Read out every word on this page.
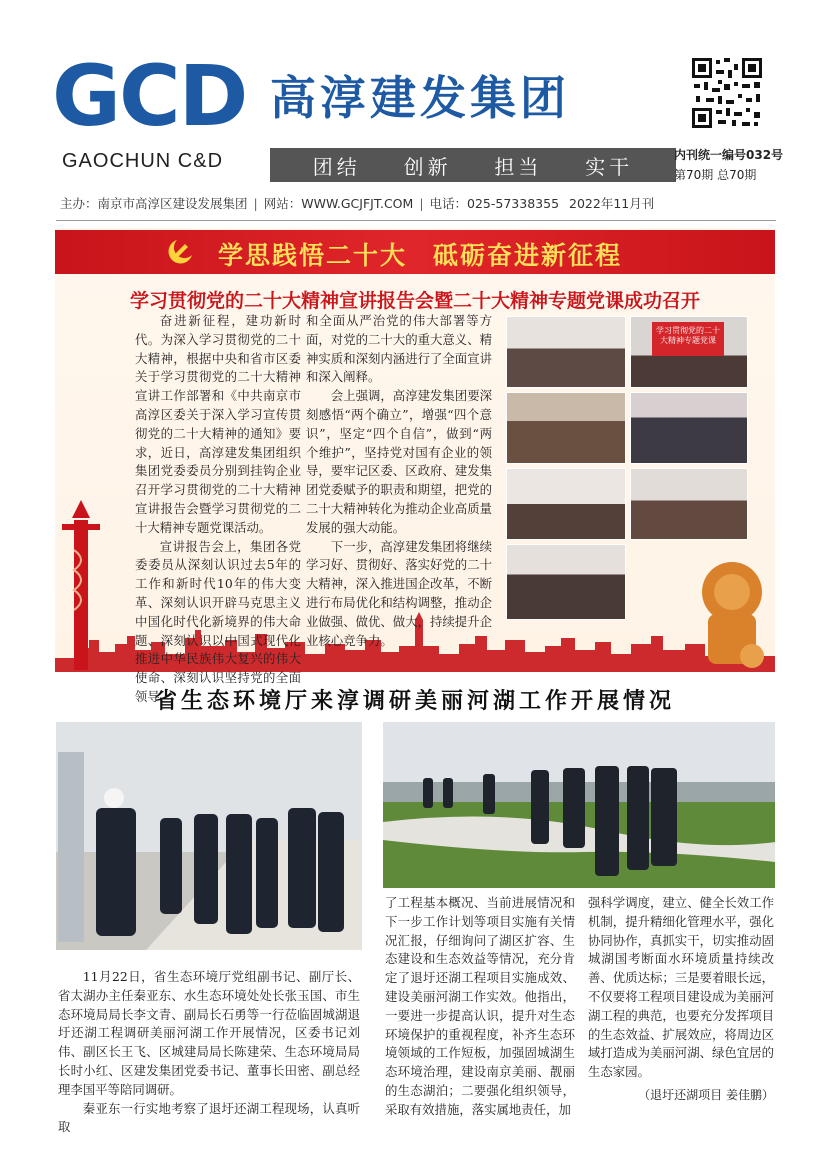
GCD
GAOCHUN C&D
高淳建发集团
团结 创新 担当 实干	内刊统一编号032号
第70期 总70期
主办：南京市高淳区建设发展集团 | 网站：WWW.GCJFJT.COM | 电话：025-57338355 2022年11月刊
学思践悟二十大 砥砺奋进新征程
学习贯彻党的二十大精神宣讲报告会暨二十大精神专题党课成功召开

奋进新征程，建功新时代。为深入学习贯彻党的二十大精神，根据中央和省市区委关于学习贯彻党的二十大精神宣讲工作部署和《中共南京市高淳区委关于深入学习宣传贯彻党的二十大精神的通知》要求，近日，高淳建发集团组织集团党委委员分别到挂钩企业召开学习贯彻党的二十大精神宣讲报告会暨学习贯彻党的二十大精神专题党课活动。

宣讲报告会上，集团各党委委员从深刻认识过去5年的工作和新时代10年的伟大变革、深刻认识开辟马克思主义中国化时代化新境界的伟大命题、深刻认识以中国式现代化推进中华民族伟大复兴的伟大使命、深刻认识坚持党的全面领导

和全面从严治党的伟大部署等方面，对党的二十大的重大意义、精神实质和深刻内涵进行了全面宣讲和深入阐释。

会上强调，高淳建发集团要深刻感悟“两个确立”，增强“四个意识”，坚定“四个自信”，做到“两个维护”，坚持党对国有企业的领导，要牢记区委、区政府、建发集团党委赋予的职责和期望，把党的二十大精神转化为推动企业高质量发展的强大动能。

下一步，高淳建发集团将继续学习好、贯彻好、落实好党的二十大精神，深入推进国企改革，不断进行布局优化和结构调整，推动企业做强、做优、做大，持续提升企业核心竞争力。

学习贯彻党的二十大精神专题党课
省生态环境厅来淳调研美丽河湖工作开展情况

11月22日，省生态环境厅党组副书记、副厅长、省太湖办主任秦亚东、水生态环境处处长张玉国、市生态环境局局长李文青、副局长石勇等一行莅临固城湖退圩还湖工程调研美丽河湖工作开展情况，区委书记刘伟、副区长王飞、区城建局局长陈建荣、生态环境局局长时小红、区建发集团党委书记、董事长田密、副总经理李国平等陪同调研。

秦亚东一行实地考察了退圩还湖工程现场，认真听取

了工程基本概况、当前进展情况和下一步工作计划等项目实施有关情况汇报，仔细询问了湖区扩容、生态建设和生态效益等情况，充分肯定了退圩还湖工程项目实施成效、建设美丽河湖工作实效。他指出，一要进一步提高认识，提升对生态环境保护的重视程度，补齐生态环境领域的工作短板，加强固城湖生态环境治理，建设南京美丽、靓丽的生态湖泊；二要强化组织领导，采取有效措施，落实属地责任，加

强科学调度，建立、健全长效工作机制，提升精细化管理水平，强化协同协作，真抓实干，切实推动固城湖国考断面水环境质量持续改善、优质达标；三是要着眼长远，不仅要将工程项目建设成为美丽河湖工程的典范，也要充分发挥项目的生态效益、扩展效应，将周边区域打造成为美丽河湖、绿色宜居的生态家园。

（退圩还湖项目 姜佳鹏）
